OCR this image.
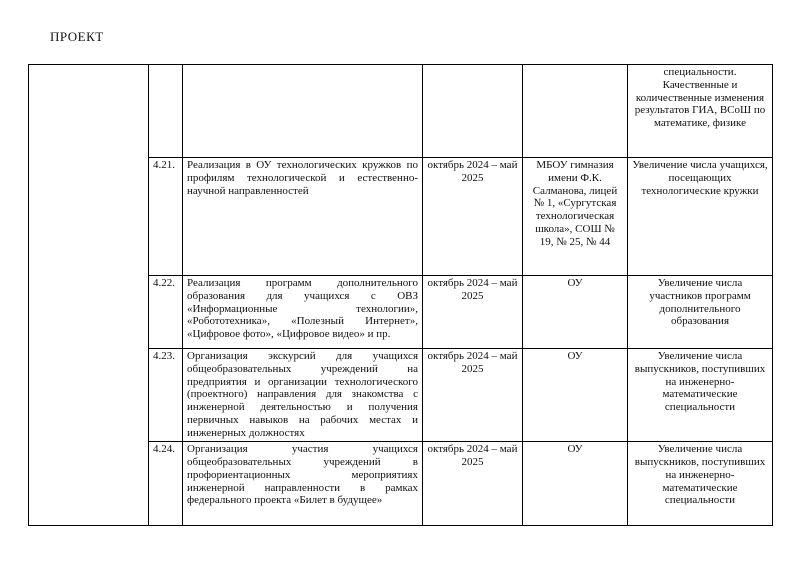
ПРОЕКТ
					специальности. Качественные и количественные изменения результатов ГИА, ВСоШ по математике, физике
	4.21.	Реализация в ОУ технологических кружков по профилям технологической и естественно-научной направленностей	октябрь 2024 – май 2025	МБОУ гимназия имени Ф.К. Салманова, лицей № 1, «Сургутская технологическая школа», СОШ № 19, № 25, № 44	Увеличение числа учащихся, посещающих технологические кружки
	4.22.	Реализация программ дополнительного образования для учащихся с ОВЗ «Информационные технологии», «Робототехника», «Полезный Интернет», «Цифровое фото», «Цифровое видео» и пр.	октябрь 2024 – май 2025	ОУ	Увеличение числа участников программ дополнительного образования
	4.23.	Организация экскурсий для учащихся общеобразовательных учреждений на предприятия и организации технологического (проектного) направления для знакомства с инженерной деятельностью и получения первичных навыков на рабочих местах и инженерных должностях	октябрь 2024 – май 2025	ОУ	Увеличение числа выпускников, поступивших на инженерно-математические специальности
	4.24.	Организация участия учащихся общеобразовательных учреждений в профориентационных мероприятиях инженерной направленности в рамках федерального проекта «Билет в будущее»	октябрь 2024 – май 2025	ОУ	Увеличение числа выпускников, поступивших на инженерно-математические специальности
